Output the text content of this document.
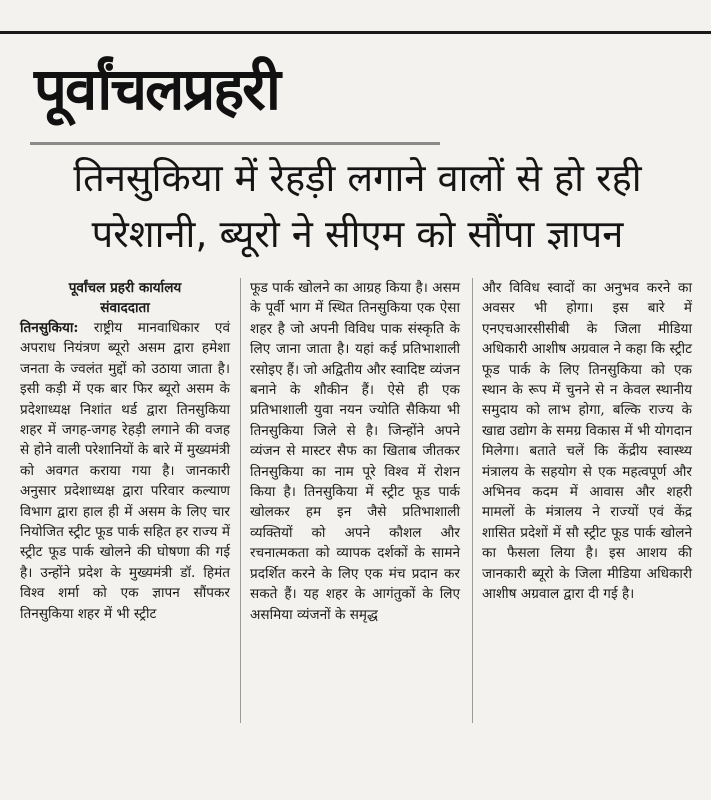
पूर्वांचलप्रहरी
तिनसुकिया में रेहड़ी लगाने वालों से हो रही परेशानी, ब्यूरो ने सीएम को सौंपा ज्ञापन
पूर्वांचल प्रहरी कार्यालय
संवाददाता
तिनसुकिया: राष्ट्रीय मानवाधिकार एवं अपराध नियंत्रण ब्यूरो असम द्वारा हमेशा जनता के ज्वलंत मुद्दों को उठाया जाता है। इसी कड़ी में एक बार फिर ब्यूरो असम के प्रदेशाध्यक्ष निशांत थर्ड द्वारा तिनसुकिया शहर में जगह-जगह रेहड़ी लगाने की वजह से होने वाली परेशानियों के बारे में मुख्यमंत्री को अवगत कराया गया है। जानकारी अनुसार प्रदेशाध्यक्ष द्वारा परिवार कल्याण विभाग द्वारा हाल ही में असम के लिए चार नियोजित स्ट्रीट फूड पार्क सहित हर राज्य में स्ट्रीट फूड पार्क खोलने की घोषणा की गई है। उन्होंने प्रदेश के मुख्यमंत्री डॉ. हिमंत विश्व शर्मा को एक ज्ञापन सौंपकर तिनसुकिया शहर में भी स्ट्रीट
फूड पार्क खोलने का आग्रह किया है। असम के पूर्वी भाग में स्थित तिनसुकिया एक ऐसा शहर है जो अपनी विविध पाक संस्कृति के लिए जाना जाता है। यहां कई प्रतिभाशाली रसोइए हैं। जो अद्वितीय और स्वादिष्ट व्यंजन बनाने के शौकीन हैं। ऐसे ही एक प्रतिभाशाली युवा नयन ज्योति सैकिया भी तिनसुकिया जिले से है। जिन्होंने अपने व्यंजन से मास्टर सैफ का खिताब जीतकर तिनसुकिया का नाम पूरे विश्व में रोशन किया है। तिनसुकिया में स्ट्रीट फूड पार्क खोलकर हम इन जैसे प्रतिभाशाली व्यक्तियों को अपने कौशल और रचनात्मकता को व्यापक दर्शकों के सामने प्रदर्शित करने के लिए एक मंच प्रदान कर सकते हैं। यह शहर के आगंतुकों के लिए असमिया व्यंजनों के समृद्ध
और विविध स्वादों का अनुभव करने का अवसर भी होगा। इस बारे में एनएचआरसीसीबी के जिला मीडिया अधिकारी आशीष अग्रवाल ने कहा कि स्ट्रीट फूड पार्क के लिए तिनसुकिया को एक स्थान के रूप में चुनने से न केवल स्थानीय समुदाय को लाभ होगा, बल्कि राज्य के खाद्य उद्योग के समग्र विकास में भी योगदान मिलेगा। बताते चलें कि केंद्रीय स्वास्थ्य मंत्रालय के सहयोग से एक महत्वपूर्ण और अभिनव कदम में आवास और शहरी मामलों के मंत्रालय ने राज्यों एवं केंद्र शासित प्रदेशों में सौ स्ट्रीट फूड पार्क खोलने का फैसला लिया है। इस आशय की जानकारी ब्यूरो के जिला मीडिया अधिकारी आशीष अग्रवाल द्वारा दी गई है।
